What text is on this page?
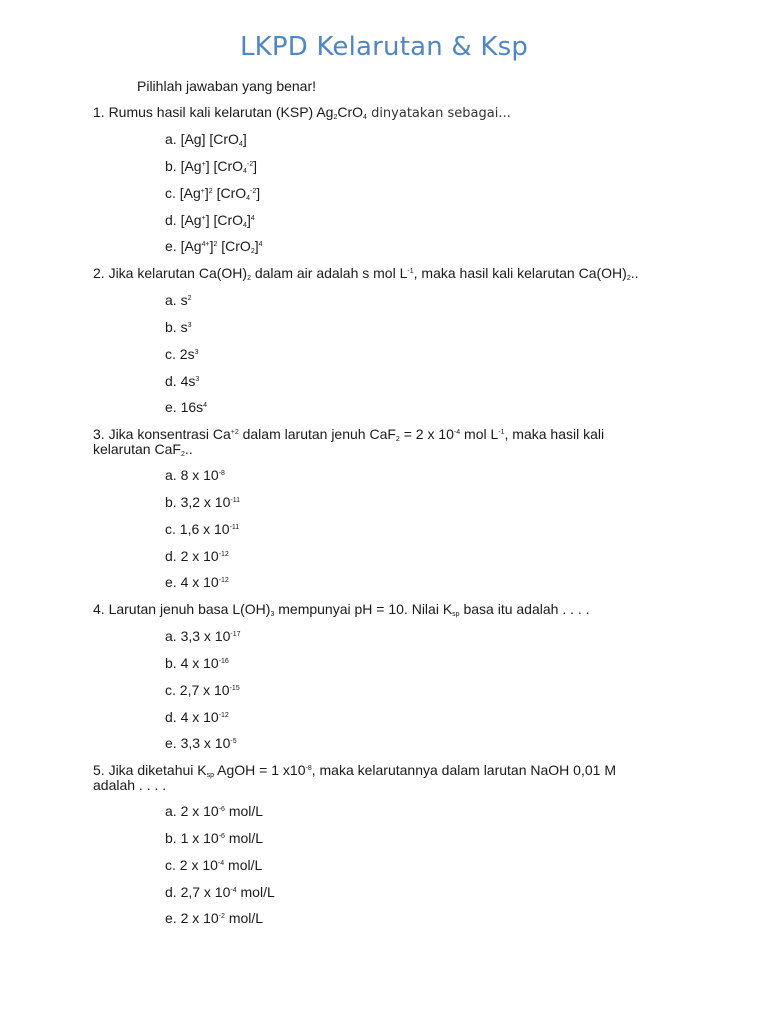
LKPD Kelarutan & Ksp
Pilihlah jawaban yang benar!
1. Rumus hasil kali kelarutan (KSP) Ag2CrO4 dinyatakan sebagai...
a. [Ag] [CrO4]
b. [Ag+] $[CrO4^{-2}]$
c. $[Ag^+]^2$ $[CrO4^{-2}]$
d. [Ag+] $[CrO4]^4$
e. $[Ag^{4+}]^2$ $[CrO2]^4$
2. Jika kelarutan Ca(OH)2 dalam air adalah s mol $L^{-1}$, maka hasil kali kelarutan Ca(OH)2..
a. $s^2$
b. $s^3$
c. $2s^3$
d. $4s^3$
e. $16s^4$
3. Jika konsentrasi $Ca^{+2}$ dalam larutan jenuh CaF2 = 2 x $10^{-4}$ mol $L^{-1}$, maka hasil kali
kelarutan CaF2..
a. 8 x $10^{-8}$
b. 3,2 x $10^{-11}$
c. 1,6 x $10^{-11}$
d. 2 x $10^{-12}$
e. 4 x $10^{-12}$
4. Larutan jenuh basa L(OH)3 mempunyai pH = 10. Nilai Ksp basa itu adalah . . . .
a. 3,3 x $10^{-17}$
b. 4 x $10^{-16}$
c. 2,7 x $10^{-15}$
d. 4 x $10^{-12}$
e. 3,3 x $10^{-5}$
5. Jika diketahui Ksp AgOH = 1 $x10^{-8}$, maka kelarutannya dalam larutan NaOH 0,01 M
adalah . . . .
a. 2 x $10^{-6}$ mol/L
b. 1 x $10^{-6}$ mol/L
c. 2 x $10^{-4}$ mol/L
d. 2,7 x $10^{-4}$ mol/L
e. 2 x $10^{-2}$ mol/L
